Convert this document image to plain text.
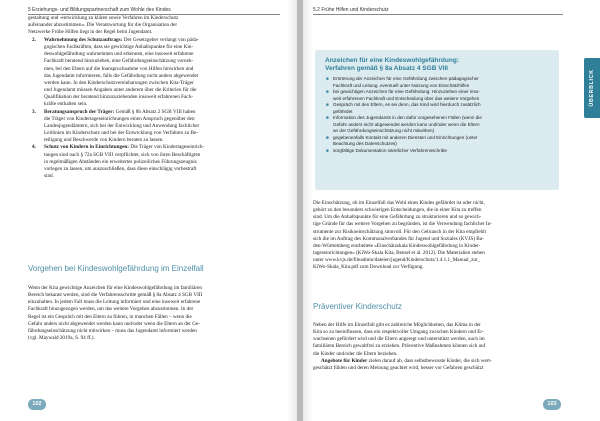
5 Erziehungs- und Bildungspartnerschaft zum Wohle des Kindes
gestaltung und -entwicklung zu klären sowie Verfahren im Kinderschutz
aufeinander abzustimmen«. Die Verantwortung für die Organisation der
Netzwerke Frühe Hilfen liegt in der Regel beim Jugendamt.
2. Wahrnehmung des Schutzauftrags: Der Gesetzgeber verlangt von päda-
gogischen Fachkräften, dass sie gewichtige Anhaltspunkte für eine Kin-
deswohlgefährdung wahrnehmen und erkennen, eine insoweit erfahrene
Fachkraft beratend hinzuziehen, eine Gefährdungseinschätzung vorneh-
men, bei den Eltern auf die Inanspruchnahme von Hilfen hinwirken und
das Jugendamt informieren, falls die Gefährdung nicht anders abgewendet
werden kann. In den Kinderschutzvereinbarungen zwischen Kita-Träger
und Jugendamt müssen Angaben unter anderem über die Kriterien für die
Qualifikation der beratend hinzuzuziehenden insoweit erfahrenen Fach-
kräfte enthalten sein.
3. Beratungsanspruch der Träger: Gemäß § 8b Absatz 2 SGB VIII haben
die Träger von Kindertageseinrichtungen einen Anspruch gegenüber den
Landesjugendämtern, sich bei der Entwicklung und Anwendung fachlicher
Leitlinien im Kinderschutz und bei der Entwicklung von Verfahren zu Be-
teiligung und Beschwerde von Kindern beraten zu lassen.
4. Schutz von Kindern in Einrichtungen: Die Träger von Kindertageseinrich-
tungen sind nach § 72a SGB VIII verpflichtet, sich von ihren Beschäftigten
in regelmäßigen Abständen ein erweitertes polizeiliches Führungszeugnis
vorlegen zu lassen, um auszuschließen, dass diese einschlägig vorbestraft
sind.
Vorgehen bei Kindeswohlgefährdung im Einzelfall
Wenn der Kita gewichtige Anzeichen für eine Kindeswohlgefährdung im familiären
Bereich bekannt werden, sind die Verfahrensschritte gemäß § 8a Absatz 4 SGB VIII
einzuhalten. In jedem Fall muss die Leitung informiert und eine insoweit erfahrene
Fachkraft hinzugezogen werden, um das weitere Vorgehen abzustimmen. In der
Regel ist ein Gespräch mit den Eltern zu führen, in manchen Fällen – wenn die
Gefahr anders nicht abgewendet werden kann und/oder wenn die Eltern an der Ge-
fährdungseinschätzung nicht mitwirken – muss das Jugendamt informiert werden
(vgl. Maywald 2019a, S. 94 ff.).
102
5.2 Frühe Hilfen und Kinderschutz
Anzeichen für eine Kindeswohlgefährdung:
Verfahren gemäß § 8a Absatz 4 SGB VIII
■ Erörterung der Anzeichen für eine Gefährdung zwischen pädagogischer
Fachkraft und Leitung, eventuell unter Nutzung von Einschätzhilfen
■ bei gewichtigen Anzeichen für eine Gefährdung: Hinzuziehen einer inso-
weit erfahrenen Fachkraft und Entscheidung über das weitere Vorgehen
■ Gespräch mit den Eltern, es sei denn, das Kind wird hierdurch zusätzlich
gefährdet
■ Information des Jugendamts in den dafür vorgesehenen Fällen (wenn die
Gefahr anders nicht abgewendet werden kann und/oder wenn die Eltern
an der Gefährdungseinschätzung nicht mitwirken)
■ gegebenenfalls Kontakt mit anderen Diensten und Einrichtungen (unter
Beachtung des Datenschutzes)
■ sorgfältige Dokumentation sämtlicher Verfahrensschritte
ÜBERBLICK
Die Einschätzung, ob im Einzelfall das Wohl eines Kindes gefährdet ist oder nicht,
gehört zu den besonders schwierigen Entscheidungen, die in einer Kita zu treffen
sind. Um die Anhaltspunkte für eine Gefährdung zu strukturieren und so gewich-
tige Gründe für das weitere Vorgehen zu begründen, ist die Verwendung fachlicher In-
strumente zur Risikoeinschätzung sinnvoll. Für den Gebrauch in der Kita empfiehlt
sich die im Auftrag des Kommunalverbandes für Jugend und Soziales (KVJS) Ba-
den-Württemberg erarbeitete »Einschätzskala Kindeswohlgefährdung in Kinder-
tageseinrichtungen« (KiWo-Skala Kita, Bensel et al. 2012). Die Materialien stehen
unter www.kvjs.de/fileadmin/dateien/jugend/Kinderschutz/1.4.1.1_Manual_zur_
KiWo-Skala_Kita.pdf zum Download zur Verfügung.
Präventiver Kinderschutz
Neben der Hilfe im Einzelfall gibt es zahlreiche Möglichkeiten, das Klima in der
Kita so zu beeinflussen, dass ein respektvoller Umgang zwischen Kindern und Er-
wachsenen gefördert wird und die Eltern angeregt und unterstützt werden, auch im
familiären Bereich gewaltfrei zu erziehen. Präventive Maßnahmen können sich auf
die Kinder und/oder die Eltern beziehen.
Angebote für Kinder zielen darauf ab, dass selbstbewusste Kinder, die sich wert-
geschätzt fühlen und deren Meinung geachtet wird, besser vor Gefahren geschützt
103
